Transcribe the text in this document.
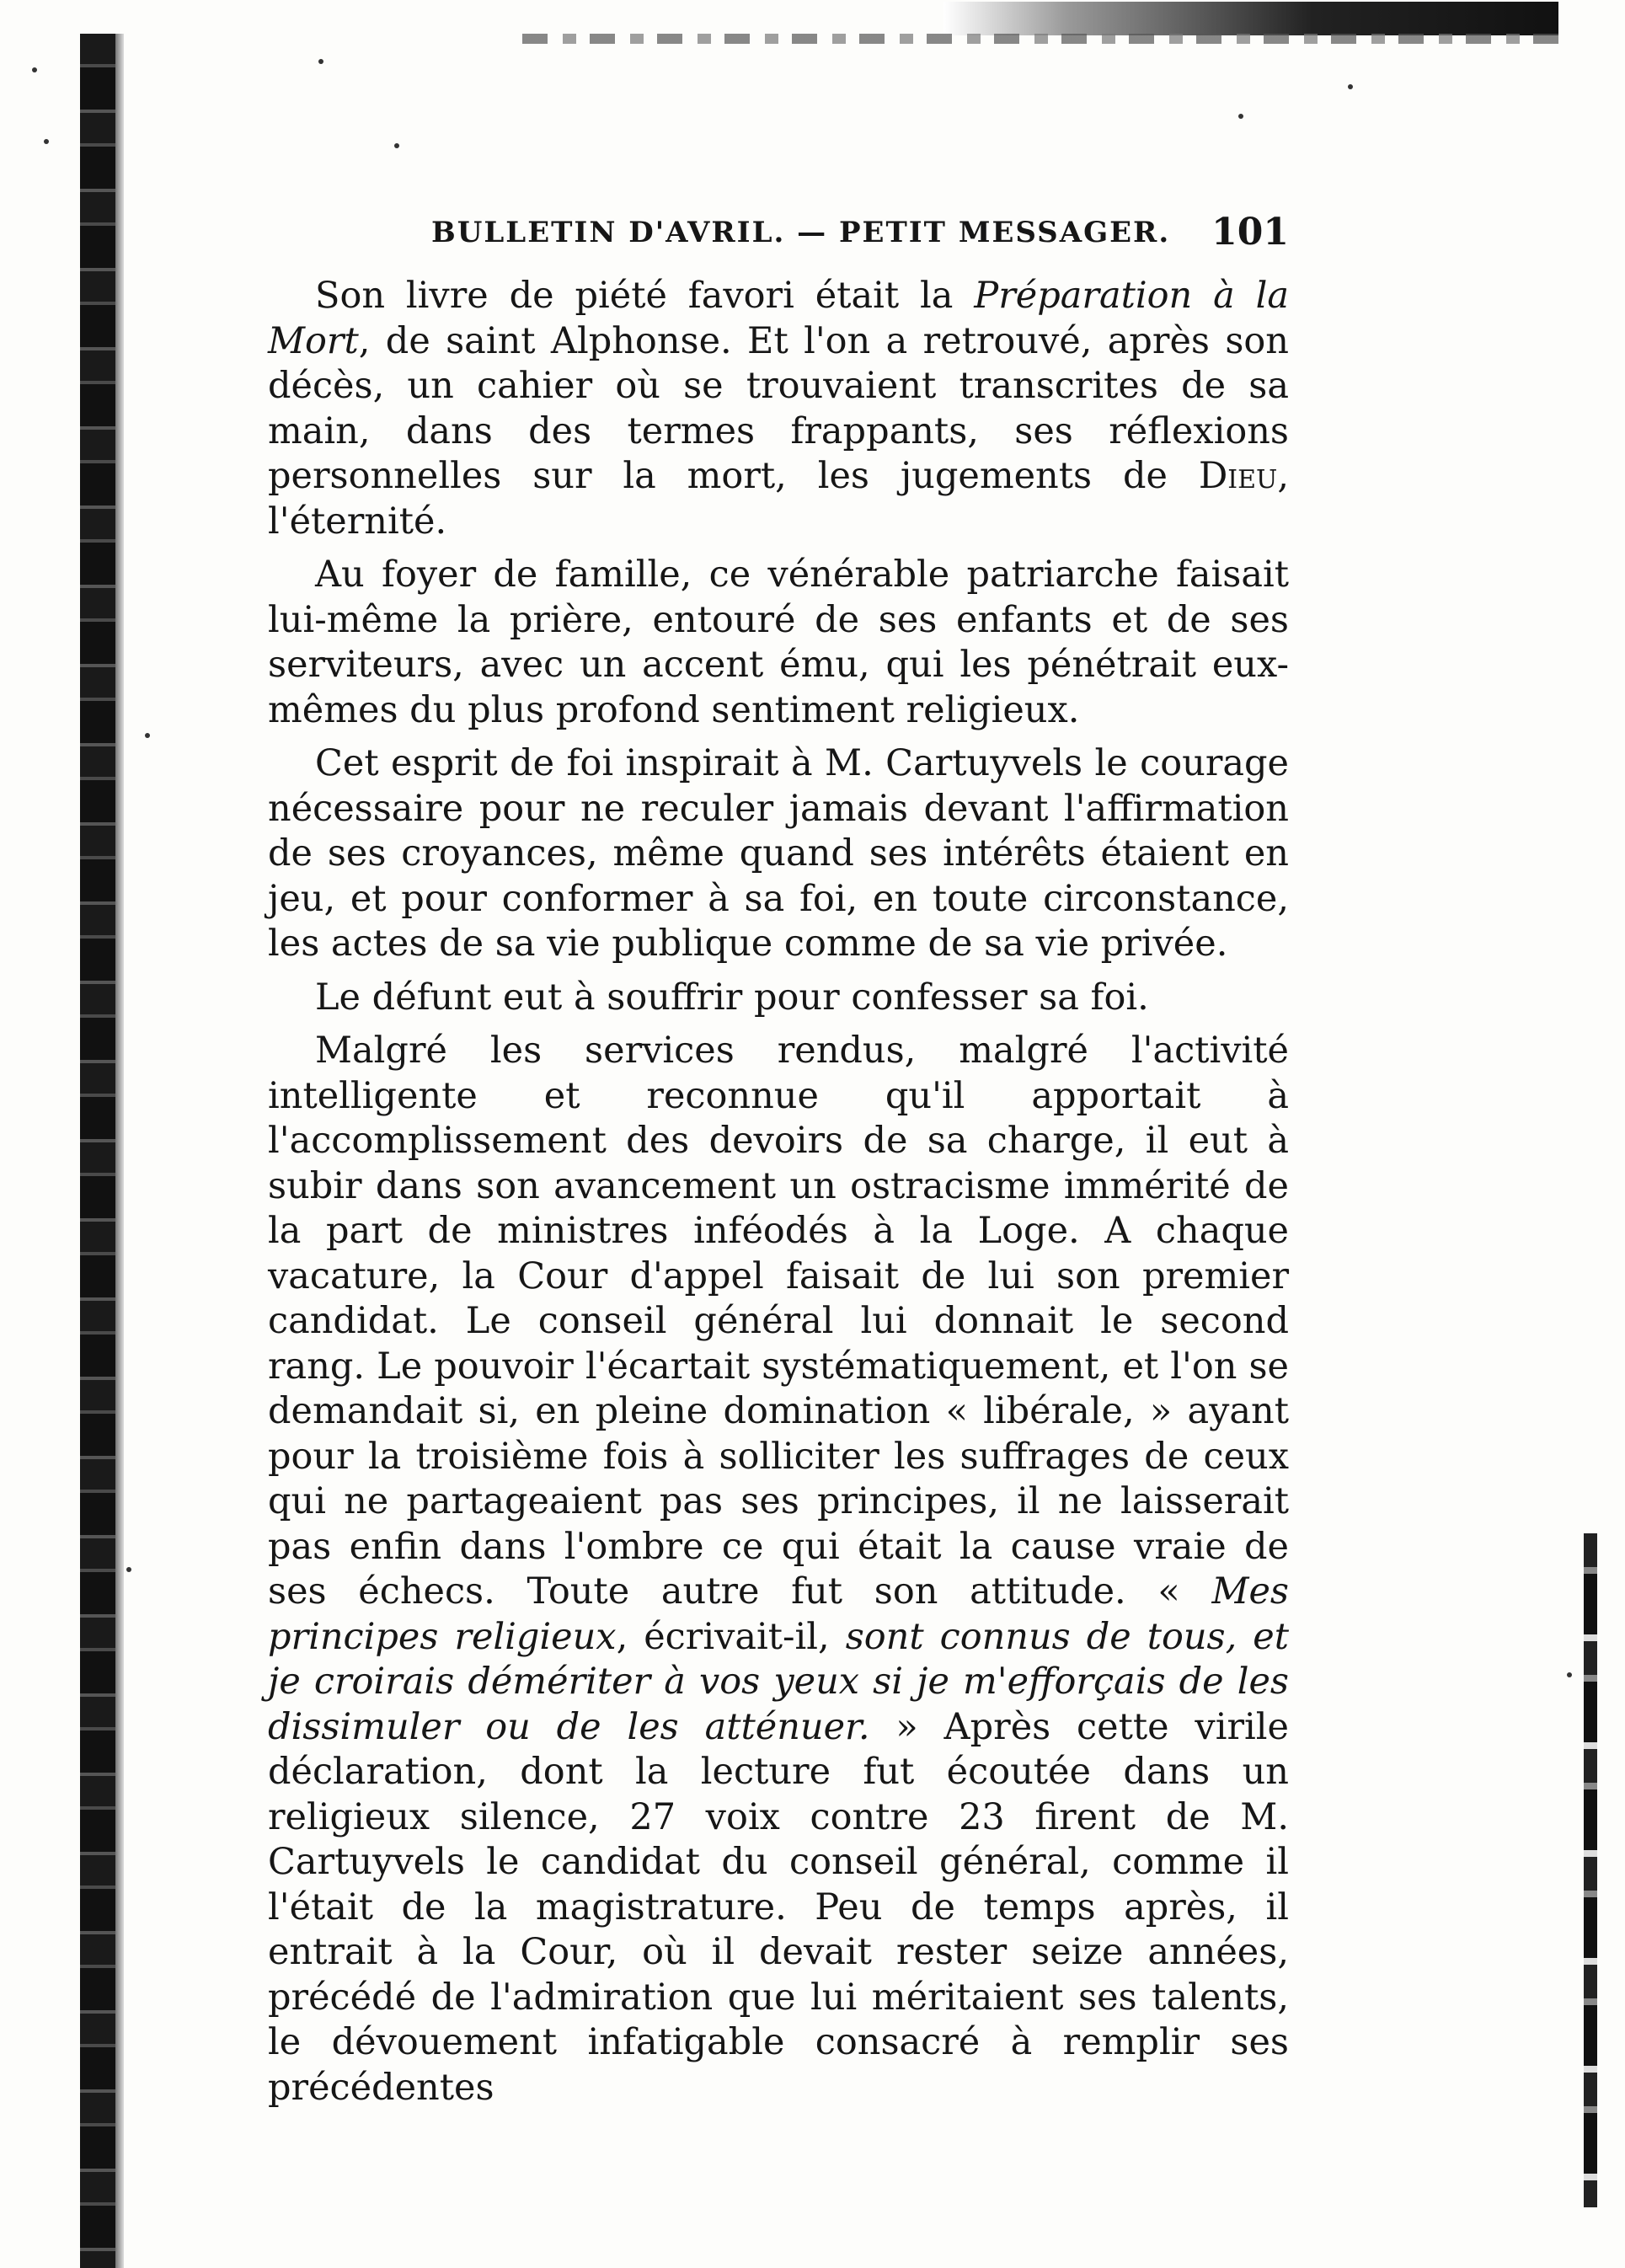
BULLETIN D'AVRIL. — PETIT MESSAGER. 101

Son livre de piété favori était la Préparation à la Mort, de saint Alphonse. Et l'on a retrouvé, après son décès, un cahier où se trouvaient transcrites de sa main, dans des termes frappants, ses réflexions personnelles sur la mort, les jugements de Dieu, l'éternité.

Au foyer de famille, ce vénérable patriarche faisait lui-même la prière, entouré de ses enfants et de ses serviteurs, avec un accent ému, qui les pénétrait eux-mêmes du plus profond sentiment religieux.

Cet esprit de foi inspirait à M. Cartuyvels le courage nécessaire pour ne reculer jamais devant l'affirmation de ses croyances, même quand ses intérêts étaient en jeu, et pour conformer à sa foi, en toute circonstance, les actes de sa vie publique comme de sa vie privée.

Le défunt eut à souffrir pour confesser sa foi.

Malgré les services rendus, malgré l'activité intelligente et reconnue qu'il apportait à l'accomplissement des devoirs de sa charge, il eut à subir dans son avancement un ostracisme immérité de la part de ministres inféodés à la Loge. A chaque vacature, la Cour d'appel faisait de lui son premier candidat. Le conseil général lui donnait le second rang. Le pouvoir l'écartait systématiquement, et l'on se demandait si, en pleine domination « libérale, » ayant pour la troisième fois à solliciter les suffrages de ceux qui ne partageaient pas ses principes, il ne laisserait pas enfin dans l'ombre ce qui était la cause vraie de ses échecs. Toute autre fut son attitude. « Mes principes religieux, écrivait-il, sont connus de tous, et je croirais démériter à vos yeux si je m'efforçais de les dissimuler ou de les atténuer. » Après cette virile déclaration, dont la lecture fut écoutée dans un religieux silence, 27 voix contre 23 firent de M. Cartuyvels le candidat du conseil général, comme il l'était de la magistrature. Peu de temps après, il entrait à la Cour, où il devait rester seize années, précédé de l'admiration que lui méritaient ses talents, le dévouement infatigable consacré à remplir ses précédentes
